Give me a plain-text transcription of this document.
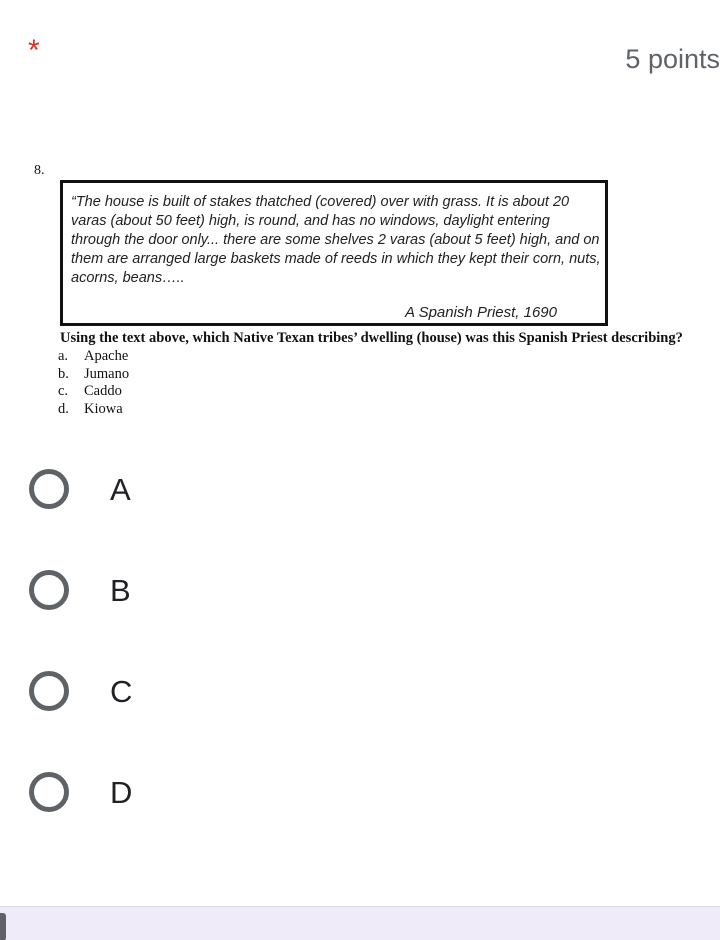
*	5 points
8.
“The house is built of stakes thatched (covered) over with grass. It is about 20 varas (about 50 feet) high, is round, and has no windows, daylight entering through the door only... there are some shelves 2 varas (about 5 feet) high, and on them are arranged large baskets made of reeds in which they kept their corn, nuts, acorns, beans…..
A Spanish Priest, 1690
Using the text above, which Native Texan tribes’ dwelling (house) was this Spanish Priest describing?
a.	Apache
b.	Jumano
c.	Caddo
d.	Kiowa
A
B
C
D
